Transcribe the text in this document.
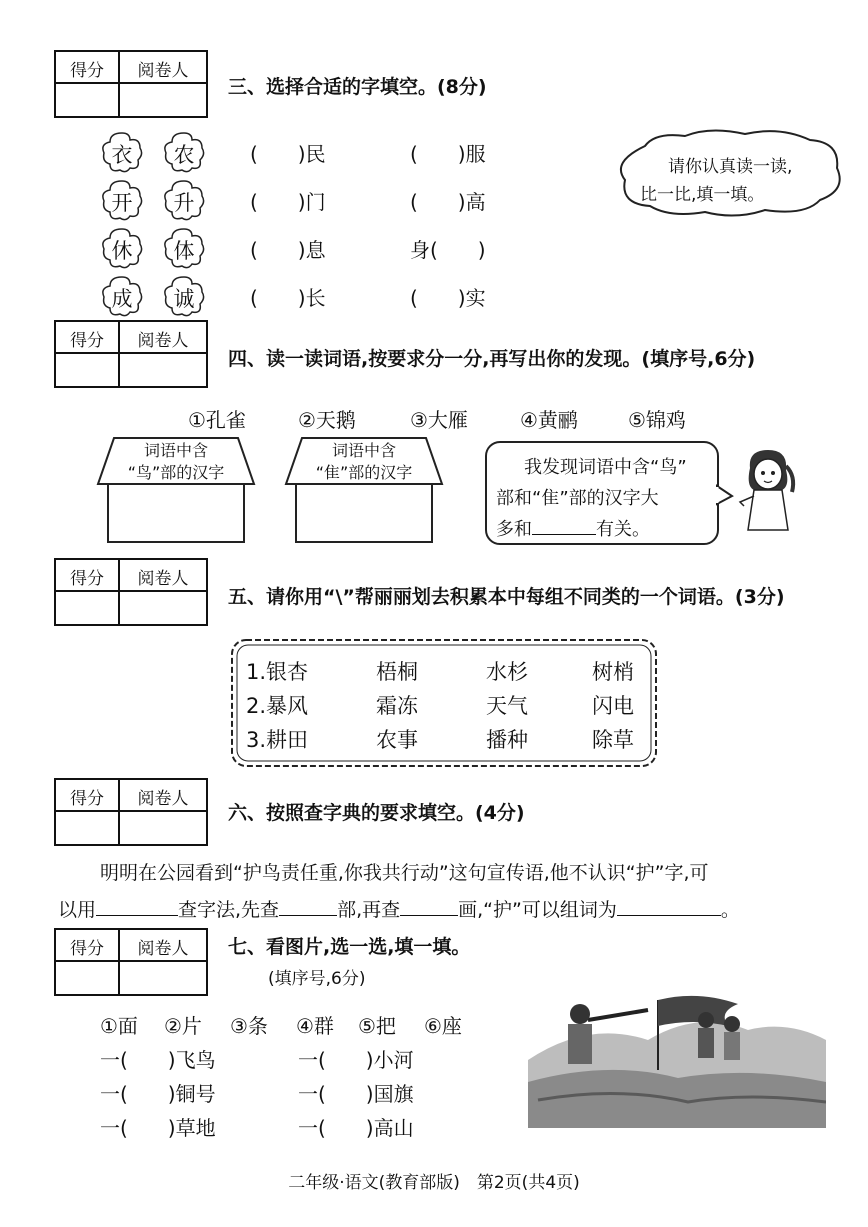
得分	阅卷人
三、选择合适的字填空。(8分)
衣	农
开	升
休	体
成	诚
(　　)民	(　　)服
(　　)门	(　　)高
(　　)息	身(　　)
(　　)长	(　　)实
请你认真读一读,
比一比,填一填。
得分	阅卷人
四、读一读词语,按要求分一分,再写出你的发现。(填序号,6分)
①孔雀	②天鹅	③大雁	④黄鹂	⑤锦鸡
词语中含
“鸟”部的汉字
词语中含
“隹”部的汉字	我发现词语中含“鸟”
部和“隹”部的汉字大
多和	有关。
得分	阅卷人
五、请你用“\”帮丽丽划去积累本中每组不同类的一个词语。(3分)
1.银杏	梧桐	水杉	树梢
2.暴风	霜冻	天气	闪电
3.耕田	农事	播种	除草
得分	阅卷人
六、按照查字典的要求填空。(4分)
明明在公园看到“护鸟责任重,你我共行动”这句宣传语,他不认识“护”字,可
以用	查字法,先查	部,再查	画,“护”可以组词为	。
得分	阅卷人	七、看图片,选一选,填一填。
(填序号,6分)
①面 ②片 ③条 ④群 ⑤把 ⑥座
一(　　)飞鸟	一(　　)小河
一(　　)铜号	一(　　)国旗
一(　　)草地	一(　　)高山
二年级·语文(教育部版)　第2页(共4页)
